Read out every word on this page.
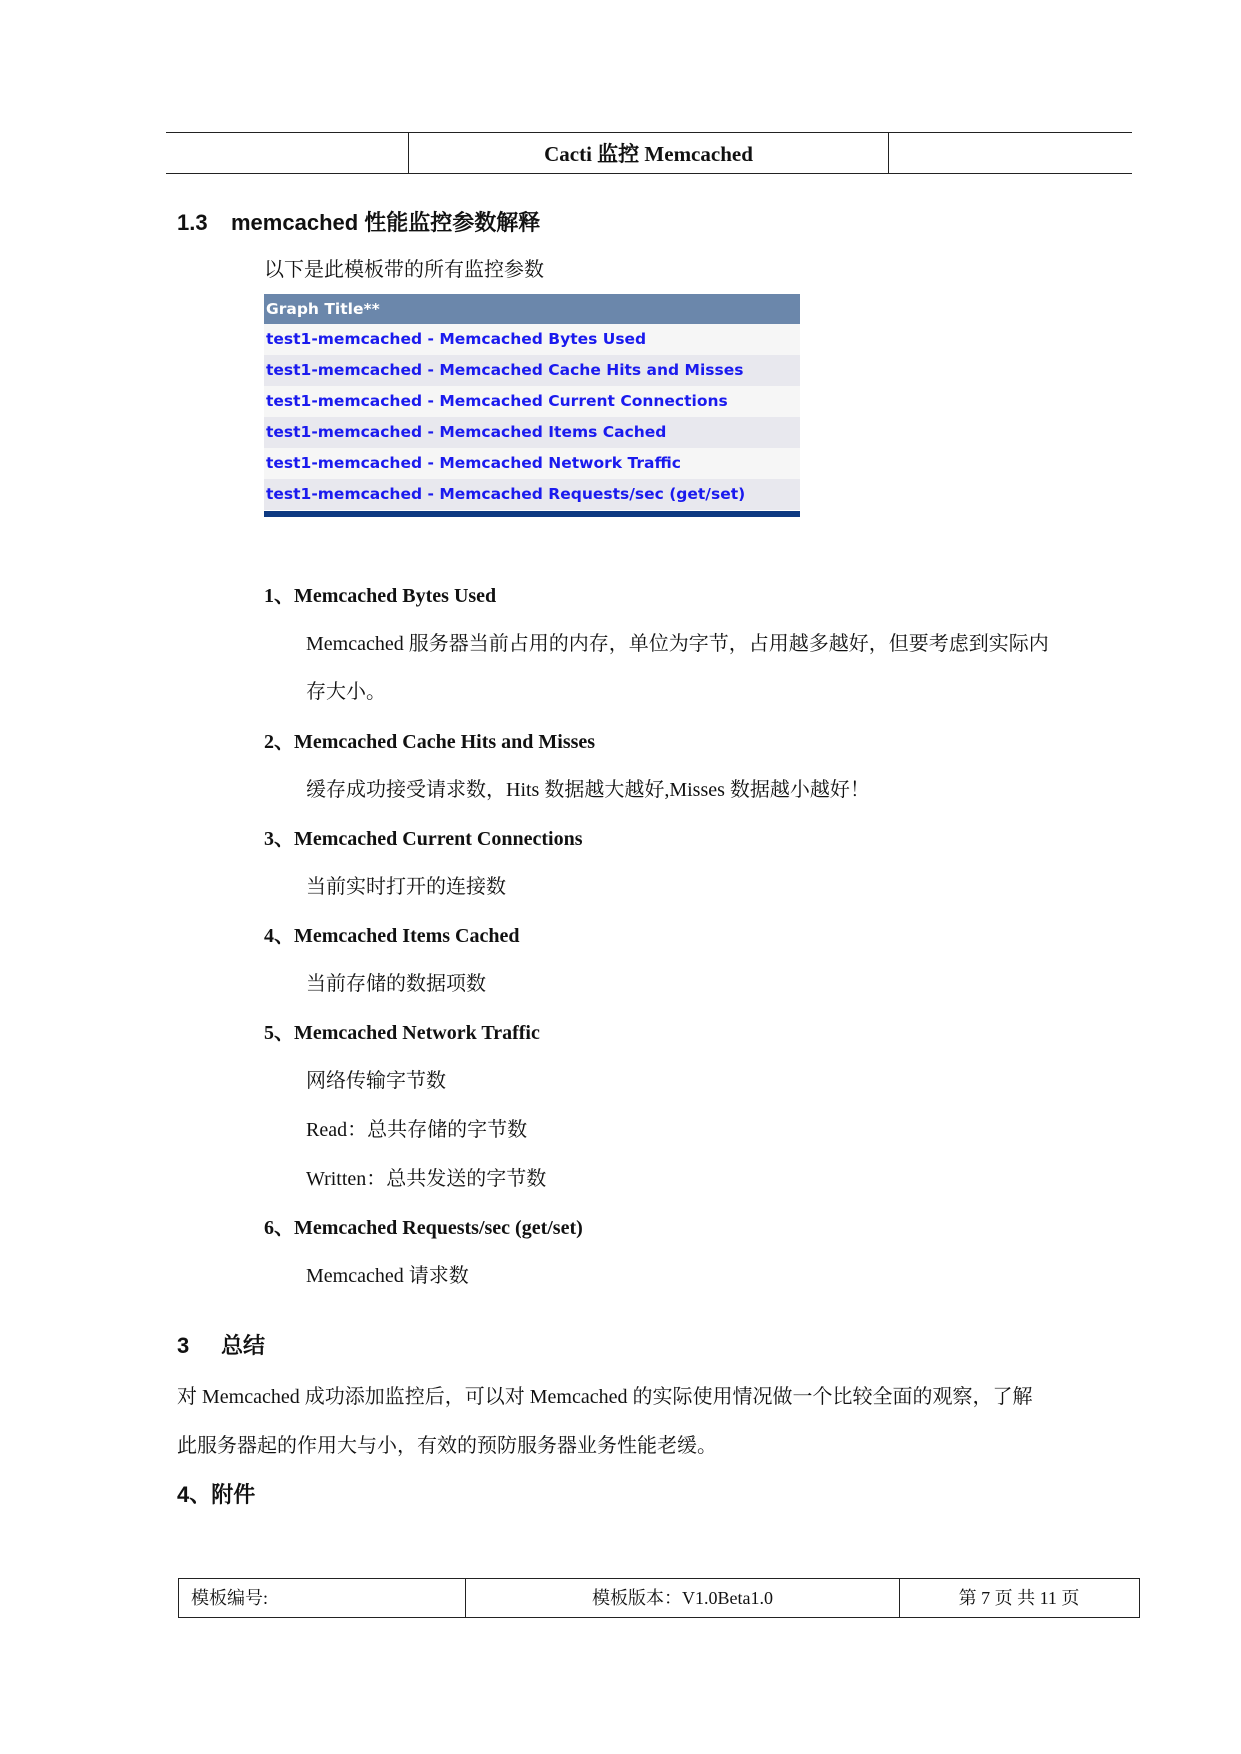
Cacti 监控 Memcached
1.3 memcached 性能监控参数解释
以下是此模板带的所有监控参数
Graph Title**
test1-memcached - Memcached Bytes Used
test1-memcached - Memcached Cache Hits and Misses
test1-memcached - Memcached Current Connections
test1-memcached - Memcached Items Cached
test1-memcached - Memcached Network Traffic
test1-memcached - Memcached Requests/sec (get/set)
1、Memcached Bytes Used
Memcached 服务器当前占用的内存，单位为字节，占用越多越好，但要考虑到实际内
存大小。
2、Memcached Cache Hits and Misses
缓存成功接受请求数，Hits 数据越大越好,Misses 数据越小越好！
3、Memcached Current Connections
当前实时打开的连接数
4、Memcached Items Cached
当前存储的数据项数
5、Memcached Network Traffic
网络传输字节数
Read：总共存储的字节数
Written：总共发送的字节数
6、Memcached Requests/sec (get/set)
Memcached 请求数
3 总结
对 Memcached 成功添加监控后，可以对 Memcached 的实际使用情况做一个比较全面的观察，了解
此服务器起的作用大与小，有效的预防服务器业务性能老缓。
4、附件
模板编号:	模板版本：V1.0Beta1.0	第 7 页 共 11 页
